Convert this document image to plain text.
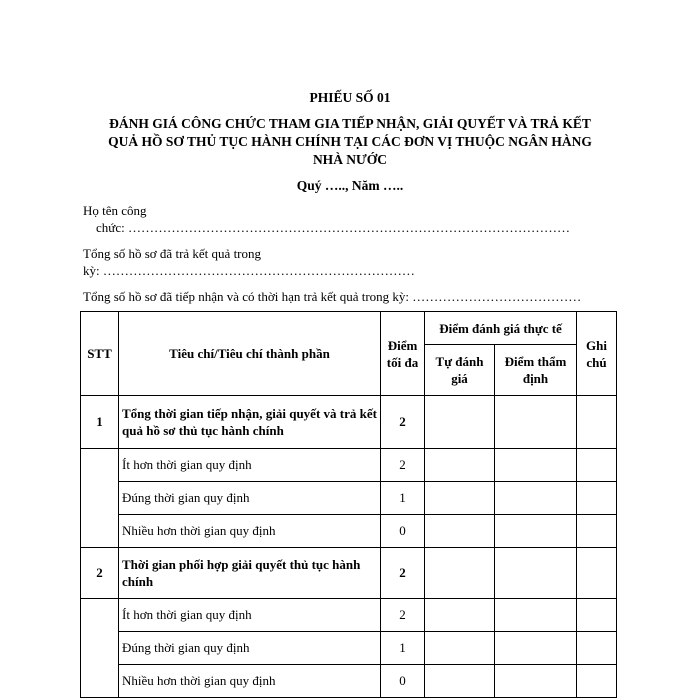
PHIẾU SỐ 01
ĐÁNH GIÁ CÔNG CHỨC THAM GIA TIẾP NHẬN, GIẢI QUYẾT VÀ TRẢ KẾT QUẢ HỒ SƠ THỦ TỤC HÀNH CHÍNH TẠI CÁC ĐƠN VỊ THUỘC NGÂN HÀNG NHÀ NƯỚC
Quý ….., Năm …..
Họ tên công
chức: …………………………………………………………………………………………
Tổng số hồ sơ đã trả kết quả trong
kỳ: ………………………………………………………………
Tổng số hồ sơ đã tiếp nhận và có thời hạn trả kết quả trong kỳ: …………………………………
STT	Tiêu chí/Tiêu chí thành phần	Điểm tối đa	Điểm đánh giá thực tế		Ghi chú
			Tự đánh giá	Điểm thẩm định	
1	Tổng thời gian tiếp nhận, giải quyết và trả kết quả hồ sơ thủ tục hành chính	2			
	Ít hơn thời gian quy định	2			
	Đúng thời gian quy định	1			
	Nhiều hơn thời gian quy định	0			
2	Thời gian phối hợp giải quyết thủ tục hành chính	2			
	Ít hơn thời gian quy định	2			
	Đúng thời gian quy định	1			
	Nhiều hơn thời gian quy định	0			
